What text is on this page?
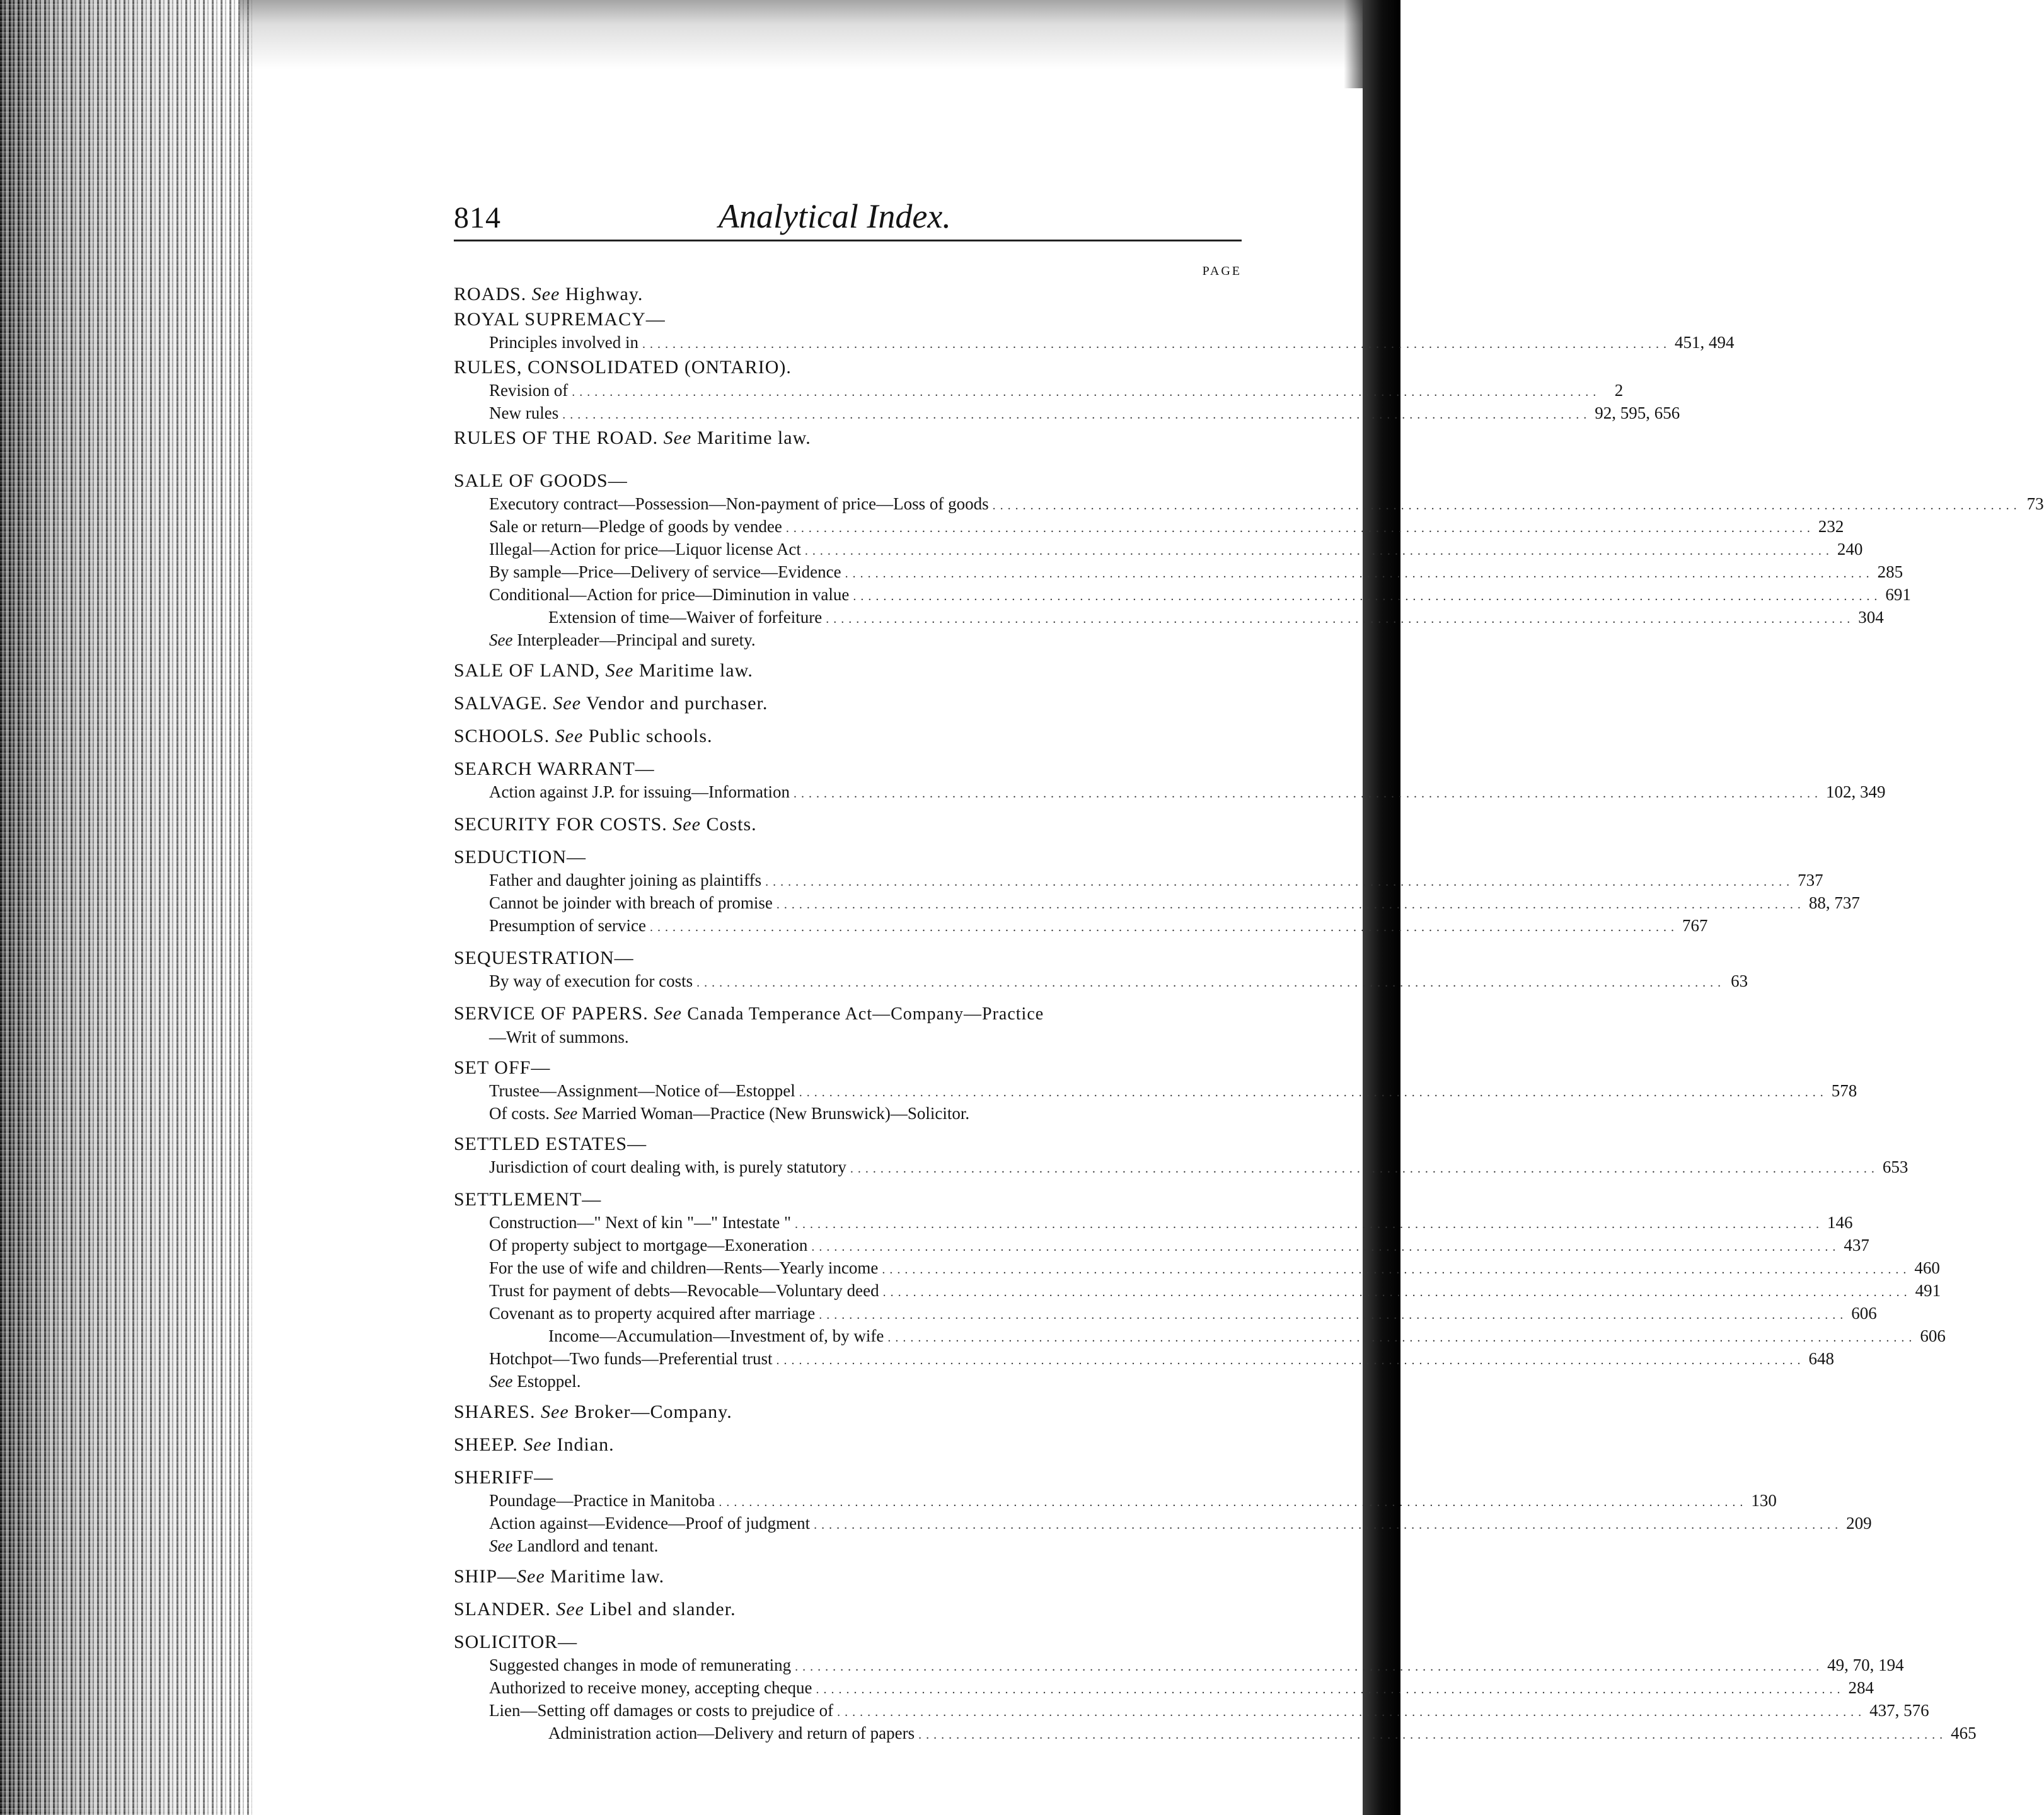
814	Analytical Index.
PAGE
ROADS. See Highway.
ROYAL SUPREMACY—
Principles involved in ........................................................................................................................................ 451, 494
RULES, CONSOLIDATED (ONTARIO).
Revision of ........................................................................................................................................ 2
New rules ........................................................................................................................................ 92, 595, 656
RULES OF THE ROAD. See Maritime law.
SALE OF GOODS—
Executory contract—Possession—Non-payment of price—Loss of goods ........................................................................................................................................ 73
Sale or return—Pledge of goods by vendee ........................................................................................................................................ 232
Illegal—Action for price—Liquor license Act ........................................................................................................................................ 240
By sample—Price—Delivery of service—Evidence ........................................................................................................................................ 285
Conditional—Action for price—Diminution in value ........................................................................................................................................ 691
Extension of time—Waiver of forfeiture ........................................................................................................................................ 304
See Interpleader—Principal and surety.
SALE OF LAND, See Maritime law.
SALVAGE. See Vendor and purchaser.
SCHOOLS. See Public schools.
SEARCH WARRANT—
Action against J.P. for issuing—Information ........................................................................................................................................ 102, 349
SECURITY FOR COSTS. See Costs.
SEDUCTION—
Father and daughter joining as plaintiffs ........................................................................................................................................ 737
Cannot be joinder with breach of promise ........................................................................................................................................ 88, 737
Presumption of service ........................................................................................................................................ 767
SEQUESTRATION—
By way of execution for costs ........................................................................................................................................ 63
SERVICE OF PAPERS. See Canada Temperance Act—Company—Practice
—Writ of summons.
SET OFF—
Trustee—Assignment—Notice of—Estoppel ........................................................................................................................................ 578
Of costs. See Married Woman—Practice (New Brunswick)—Solicitor.
SETTLED ESTATES—
Jurisdiction of court dealing with, is purely statutory ........................................................................................................................................ 653
SETTLEMENT—
Construction—" Next of kin "—" Intestate " ........................................................................................................................................ 146
Of property subject to mortgage—Exoneration ........................................................................................................................................ 437
For the use of wife and children—Rents—Yearly income ........................................................................................................................................ 460
Trust for payment of debts—Revocable—Voluntary deed ........................................................................................................................................ 491
Covenant as to property acquired after marriage ........................................................................................................................................ 606
Income—Accumulation—Investment of, by wife ........................................................................................................................................ 606
Hotchpot—Two funds—Preferential trust ........................................................................................................................................ 648
See Estoppel.
SHARES. See Broker—Company.
SHEEP. See Indian.
SHERIFF—
Poundage—Practice in Manitoba ........................................................................................................................................ 130
Action against—Evidence—Proof of judgment ........................................................................................................................................ 209
See Landlord and tenant.
SHIP—See Maritime law.
SLANDER. See Libel and slander.
SOLICITOR—
Suggested changes in mode of remunerating ........................................................................................................................................ 49, 70, 194
Authorized to receive money, accepting cheque ........................................................................................................................................ 284
Lien—Setting off damages or costs to prejudice of ........................................................................................................................................ 437, 576
Administration action—Delivery and return of papers ........................................................................................................................................ 465
